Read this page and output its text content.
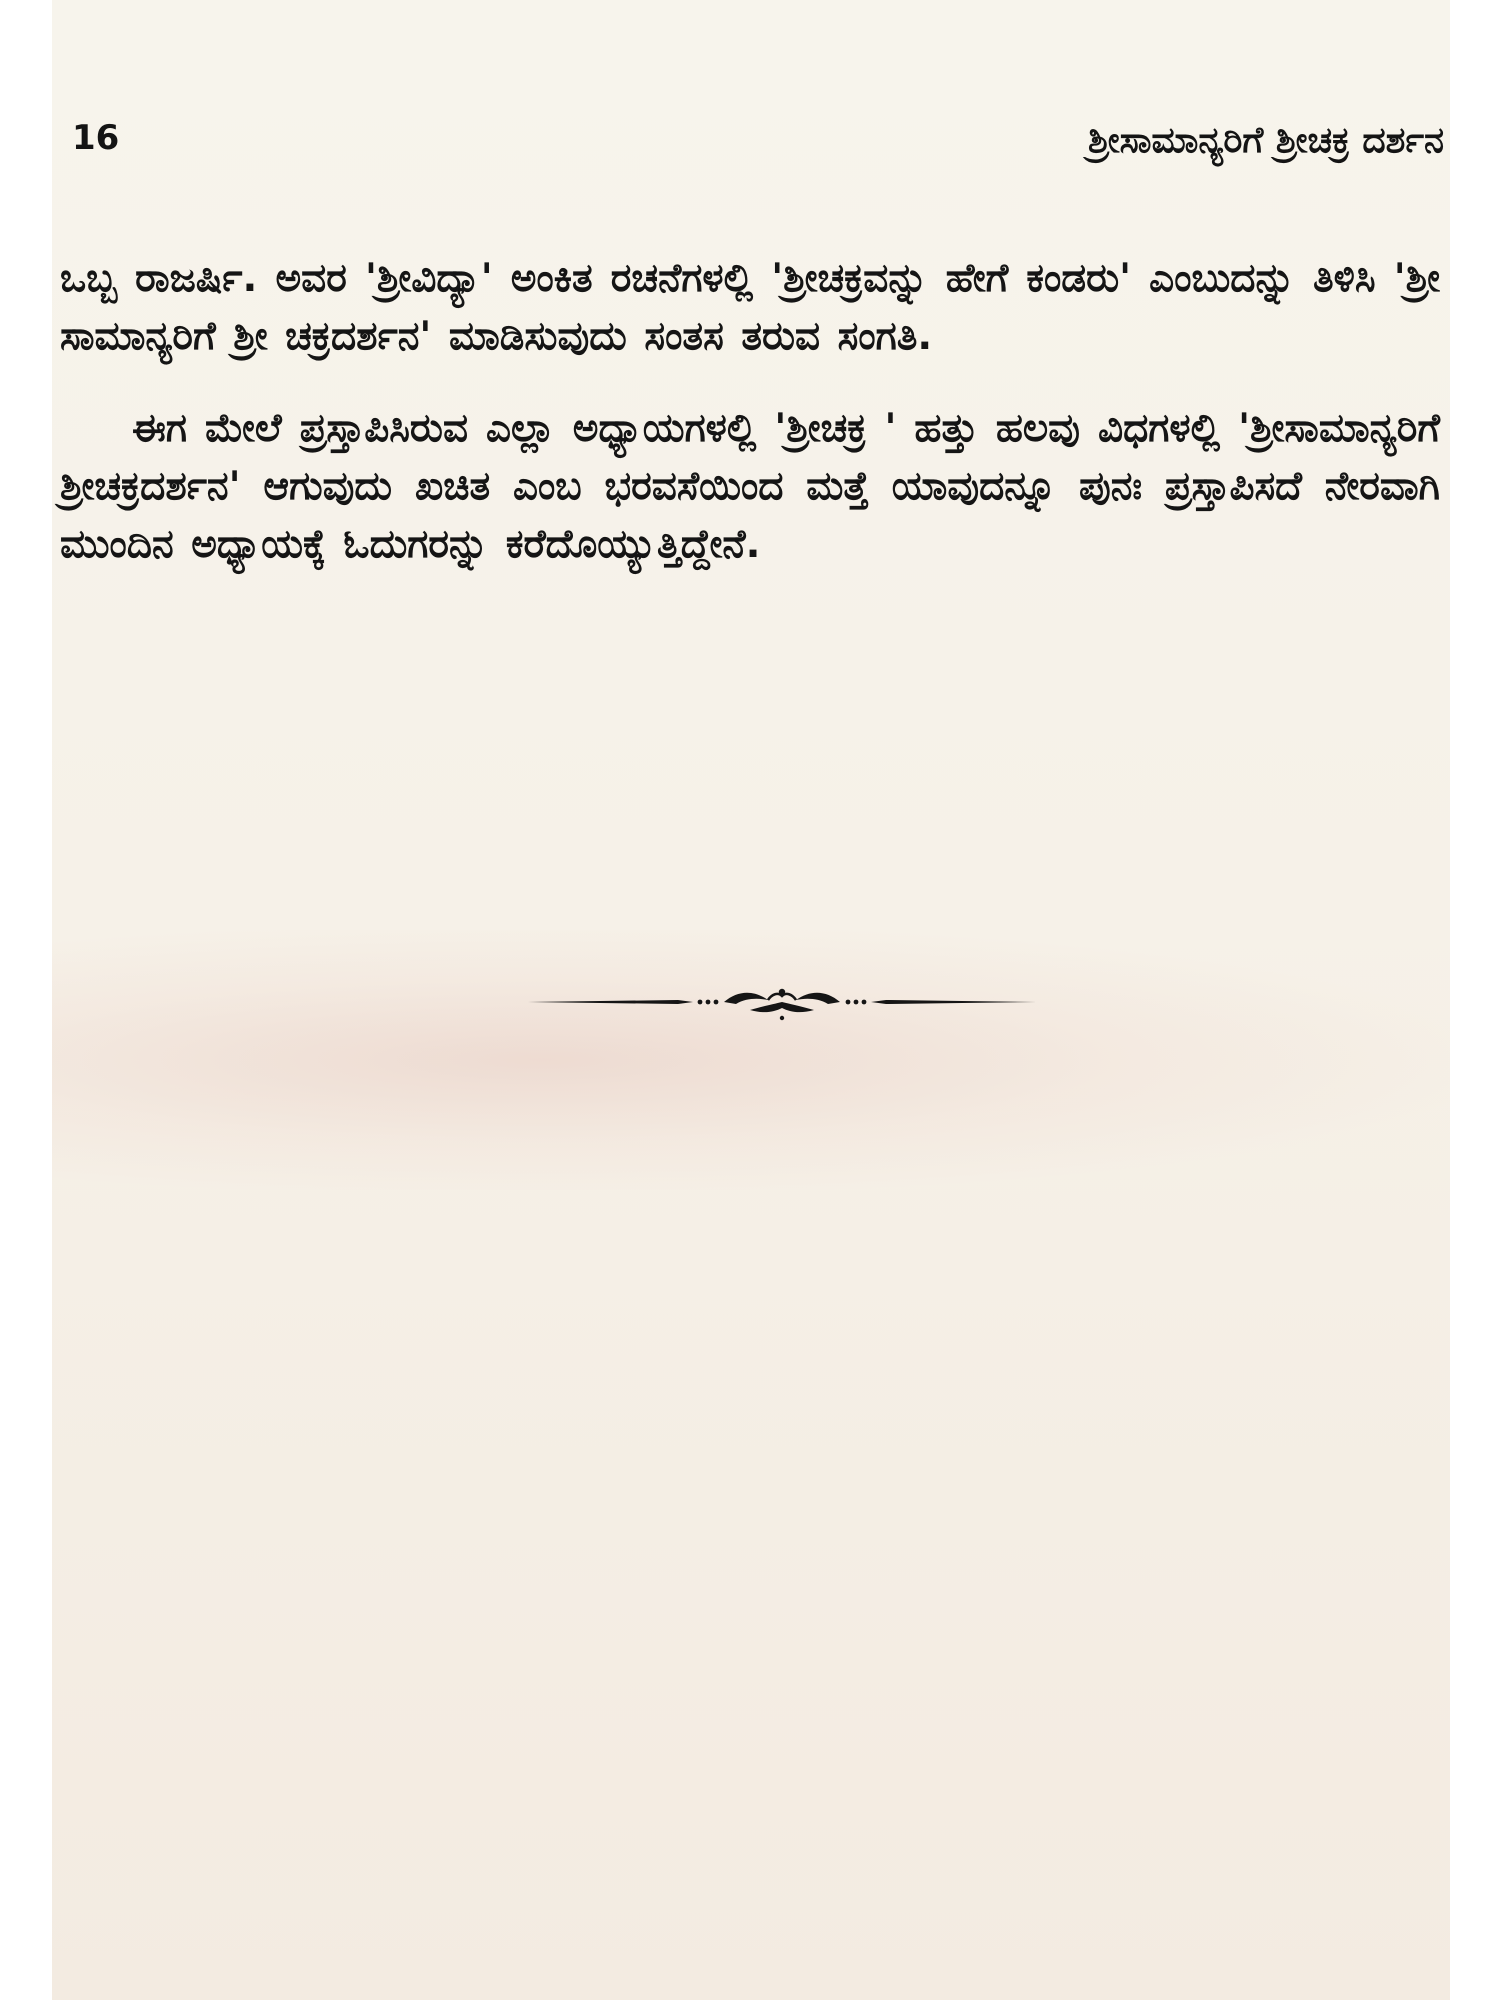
16	ಶ್ರೀಸಾಮಾನ್ಯರಿಗೆ ಶ್ರೀಚಕ್ರ ದರ್ಶನ

ಒಬ್ಬ ರಾಜರ್ಷಿ. ಅವರ 'ಶ್ರೀವಿದ್ಯಾ' ಅಂಕಿತ ರಚನೆಗಳಲ್ಲಿ 'ಶ್ರೀಚಕ್ರವನ್ನು ಹೇಗೆ ಕಂಡರು' ಎಂಬುದನ್ನು ತಿಳಿಸಿ 'ಶ್ರೀ ಸಾಮಾನ್ಯರಿಗೆ ಶ್ರೀ ಚಕ್ರದರ್ಶನ' ಮಾಡಿಸುವುದು ಸಂತಸ ತರುವ ಸಂಗತಿ.

ಈಗ ಮೇಲೆ ಪ್ರಸ್ತಾಪಿಸಿರುವ ಎಲ್ಲಾ ಅಧ್ಯಾಯಗಳಲ್ಲಿ 'ಶ್ರೀಚಕ್ರ ' ಹತ್ತು ಹಲವು ವಿಧಗಳಲ್ಲಿ 'ಶ್ರೀಸಾಮಾನ್ಯರಿಗೆ ಶ್ರೀಚಕ್ರದರ್ಶನ' ಆಗುವುದು ಖಚಿತ ಎಂಬ ಭರವಸೆಯಿಂದ ಮತ್ತೆ ಯಾವುದನ್ನೂ ಪುನಃ ಪ್ರಸ್ತಾಪಿಸದೆ ನೇರವಾಗಿ ಮುಂದಿನ ಅಧ್ಯಾಯಕ್ಕೆ ಓದುಗರನ್ನು ಕರೆದೊಯ್ಯುತ್ತಿದ್ದೇನೆ.
